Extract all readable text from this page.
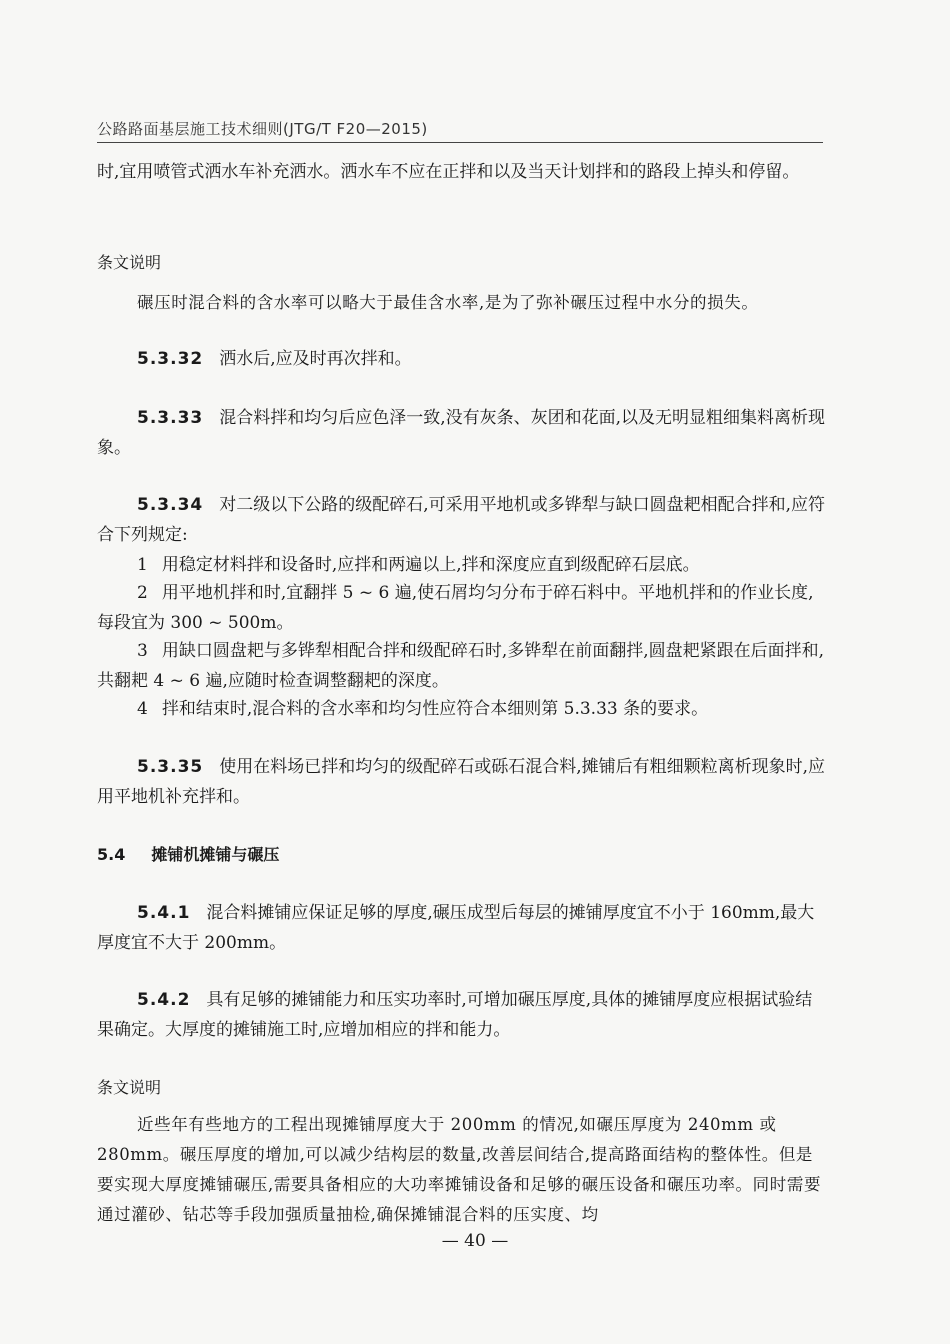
公路路面基层施工技术细则(JTG/T F20—2015)

时,宜用喷管式洒水车补充洒水。洒水车不应在正拌和以及当天计划拌和的路段上掉头和停留。

条文说明

碾压时混合料的含水率可以略大于最佳含水率,是为了弥补碾压过程中水分的损失。

5.3.32 洒水后,应及时再次拌和。

5.3.33 混合料拌和均匀后应色泽一致,没有灰条、灰团和花面,以及无明显粗细集料离析现象。

5.3.34 对二级以下公路的级配碎石,可采用平地机或多铧犁与缺口圆盘耙相配合拌和,应符合下列规定:

1 用稳定材料拌和设备时,应拌和两遍以上,拌和深度应直到级配碎石层底。

2 用平地机拌和时,宜翻拌 5 ~ 6 遍,使石屑均匀分布于碎石料中。平地机拌和的作业长度,每段宜为 300 ~ 500m。

3 用缺口圆盘耙与多铧犁相配合拌和级配碎石时,多铧犁在前面翻拌,圆盘耙紧跟在后面拌和,共翻耙 4 ~ 6 遍,应随时检查调整翻耙的深度。

4 拌和结束时,混合料的含水率和均匀性应符合本细则第 5.3.33 条的要求。

5.3.35 使用在料场已拌和均匀的级配碎石或砾石混合料,摊铺后有粗细颗粒离析现象时,应用平地机补充拌和。

5.4 摊铺机摊铺与碾压

5.4.1 混合料摊铺应保证足够的厚度,碾压成型后每层的摊铺厚度宜不小于 160mm,最大厚度宜不大于 200mm。

5.4.2 具有足够的摊铺能力和压实功率时,可增加碾压厚度,具体的摊铺厚度应根据试验结果确定。大厚度的摊铺施工时,应增加相应的拌和能力。

条文说明

近些年有些地方的工程出现摊铺厚度大于 200mm 的情况,如碾压厚度为 240mm 或 280mm。碾压厚度的增加,可以减少结构层的数量,改善层间结合,提高路面结构的整体性。但是要实现大厚度摊铺碾压,需要具备相应的大功率摊铺设备和足够的碾压设备和碾压功率。同时需要通过灌砂、钻芯等手段加强质量抽检,确保摊铺混合料的压实度、均

— 40 —
